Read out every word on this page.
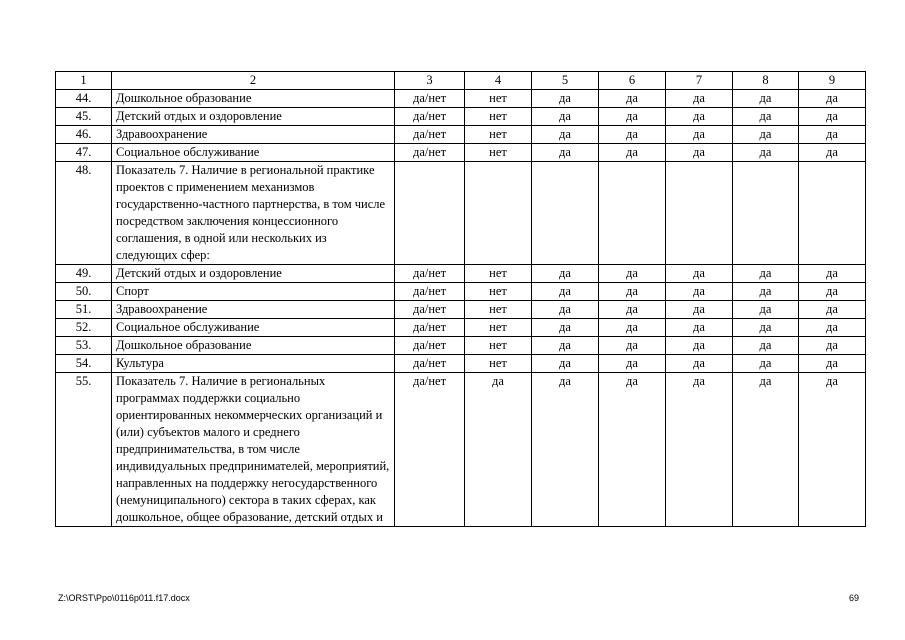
1	2	3	4	5	6	7	8	9
44.	Дошкольное образование	да/нет	нет	да	да	да	да	да
45.	Детский отдых и оздоровление	да/нет	нет	да	да	да	да	да
46.	Здравоохранение	да/нет	нет	да	да	да	да	да
47.	Социальное обслуживание	да/нет	нет	да	да	да	да	да
48.	Показатель 7. Наличие в региональной практике проектов с применением механизмов государственно-частного партнерства, в том числе посредством заключения концессионного соглашения, в одной или нескольких из следующих сфер:							
49.	Детский отдых и оздоровление	да/нет	нет	да	да	да	да	да
50.	Спорт	да/нет	нет	да	да	да	да	да
51.	Здравоохранение	да/нет	нет	да	да	да	да	да
52.	Социальное обслуживание	да/нет	нет	да	да	да	да	да
53.	Дошкольное образование	да/нет	нет	да	да	да	да	да
54.	Культура	да/нет	нет	да	да	да	да	да
55.	Показатель 7. Наличие в региональных программах поддержки социально ориентированных некоммерческих организаций и (или) субъектов малого и среднего предпринимательства, в том числе индивидуальных предпринимателей, мероприятий, направленных на поддержку негосударственного (немуниципального) сектора в таких сферах, как дошкольное, общее образование, детский отдых и	да/нет	да	да	да	да	да	да
Z:\ORST\Ppo\0116p011.f17.docx	69
